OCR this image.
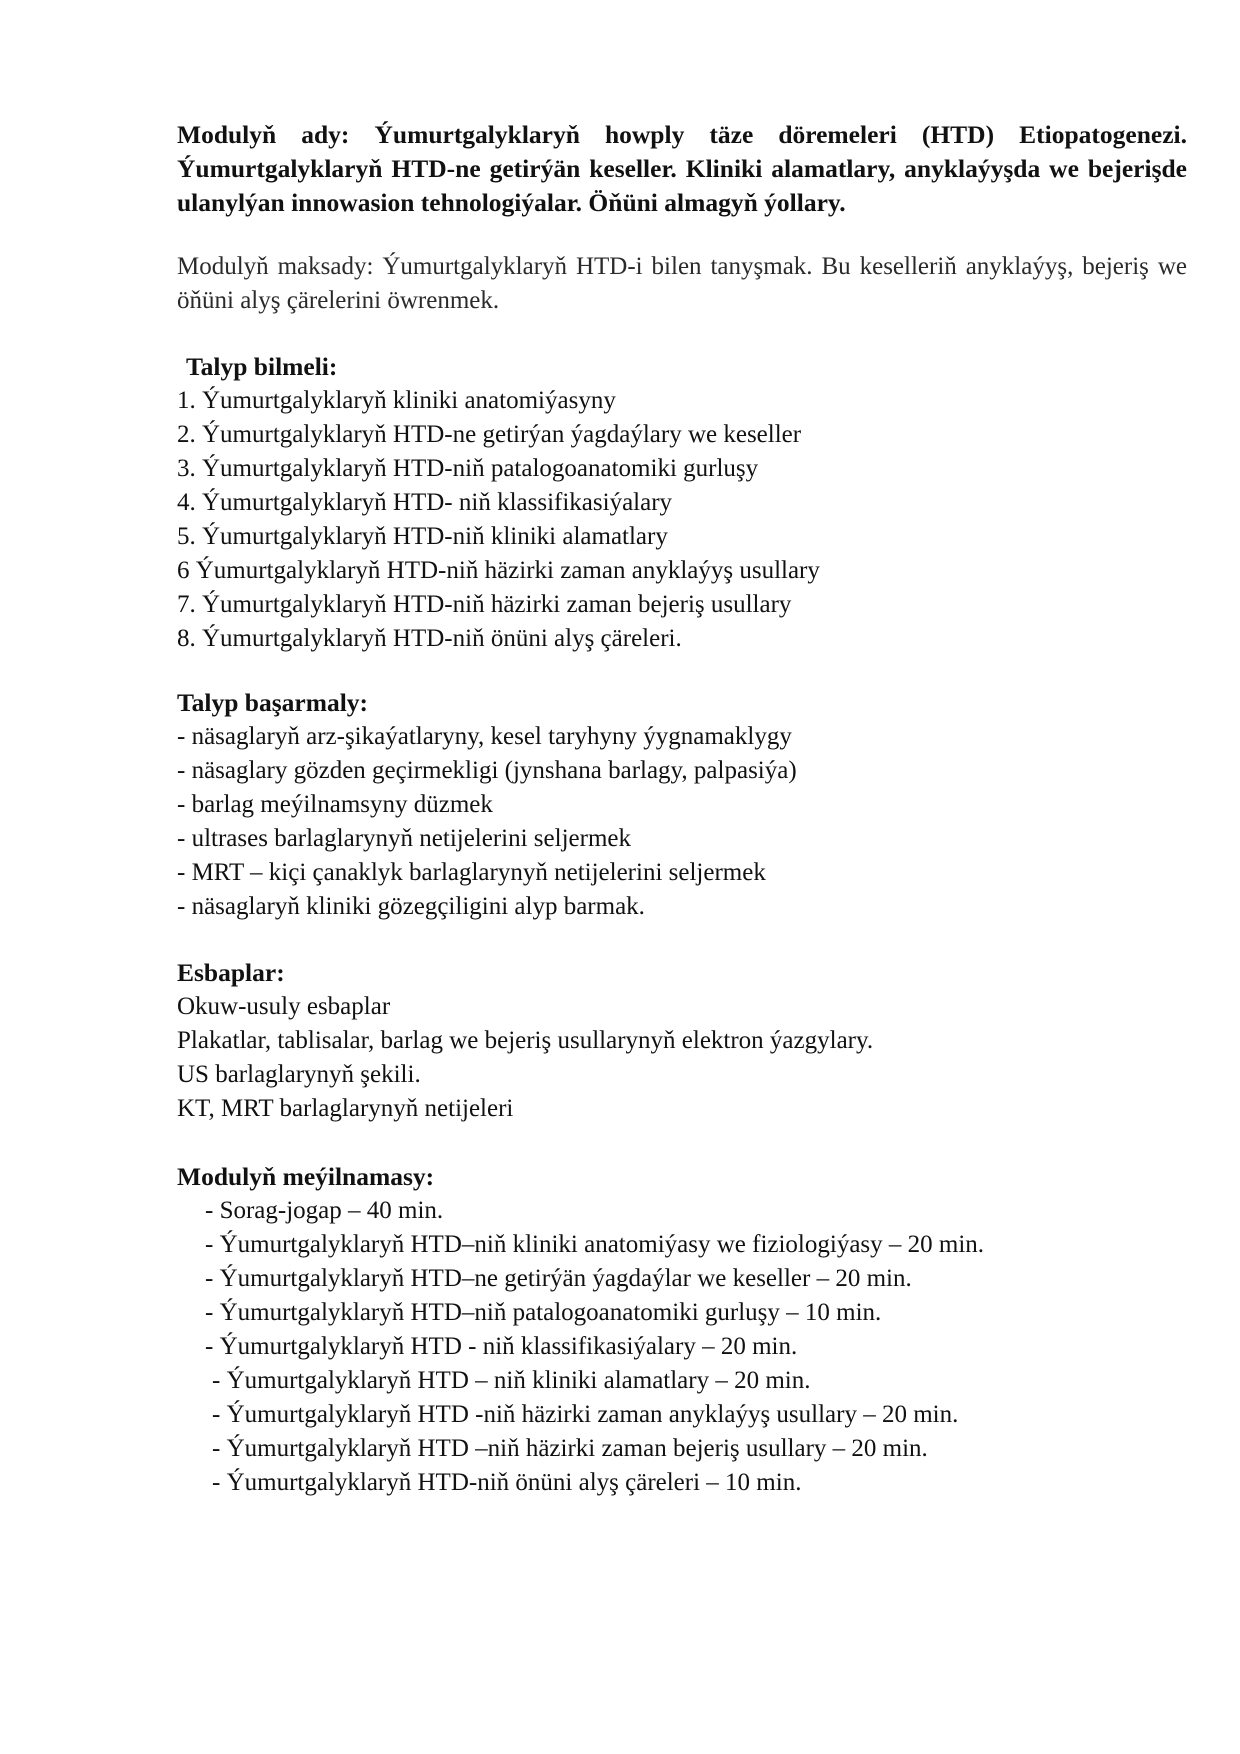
Modulyň ady: Ýumurtgalyklaryň howply täze döremeleri (HTD) Etiopatogenezi. Ýumurtgalyklaryň HTD-ne getirýän keseller. Kliniki alamatlary, anyklaýyşda we bejerişde ulanylýan innowasion tehnologiýalar. Öňüni almagyň ýollary.

Modulyň maksady: Ýumurtgalyklaryň HTD-i bilen tanyşmak. Bu keselleriň anyklaýyş, bejeriş we öňüni alyş çärelerini öwrenmek.

Talyp bilmeli:

1. Ýumurtgalyklaryň kliniki anatomiýasyny
2. Ýumurtgalyklaryň HTD-ne getirýan ýagdaýlary we keseller
3. Ýumurtgalyklaryň HTD-niň patalogoanatomiki gurluşy
4. Ýumurtgalyklaryň HTD- niň klassifikasiýalary
5. Ýumurtgalyklaryň HTD-niň kliniki alamatlary
6 Ýumurtgalyklaryň HTD-niň häzirki zaman anyklaýyş usullary
7. Ýumurtgalyklaryň HTD-niň häzirki zaman bejeriş usullary
8. Ýumurtgalyklaryň HTD-niň önüni alyş çäreleri.

Talyp başarmaly:

- näsaglaryň arz-şikaýatlaryny, kesel taryhyny ýygnamaklygy
- näsaglary gözden geçirmekligi (jynshana barlagy, palpasiýa)
- barlag meýilnamsyny düzmek
- ultrases barlaglarynyň netijelerini seljermek
- MRT – kiçi çanaklyk barlaglarynyň netijelerini seljermek
- näsaglaryň kliniki gözegçiligini alyp barmak.

Esbaplar:

Okuw-usuly esbaplar
Plakatlar, tablisalar, barlag we bejeriş usullarynyň elektron ýazgylary.
US barlaglarynyň şekili.
KT, MRT barlaglarynyň netijeleri

Modulyň meýilnamasy:

- Sorag-jogap – 40 min.
- Ýumurtgalyklaryň HTD–niň kliniki anatomiýasy we fiziologiýasy – 20 min.
- Ýumurtgalyklaryň HTD–ne getirýän ýagdaýlar we keseller – 20 min.
- Ýumurtgalyklaryň HTD–niň patalogoanatomiki gurluşy – 10 min.
- Ýumurtgalyklaryň HTD - niň klassifikasiýalary – 20 min.
- Ýumurtgalyklaryň HTD – niň kliniki alamatlary – 20 min.
- Ýumurtgalyklaryň HTD -niň häzirki zaman anyklaýyş usullary – 20 min.
- Ýumurtgalyklaryň HTD –niň häzirki zaman bejeriş usullary – 20 min.
- Ýumurtgalyklaryň HTD-niň önüni alyş çäreleri – 10 min.
